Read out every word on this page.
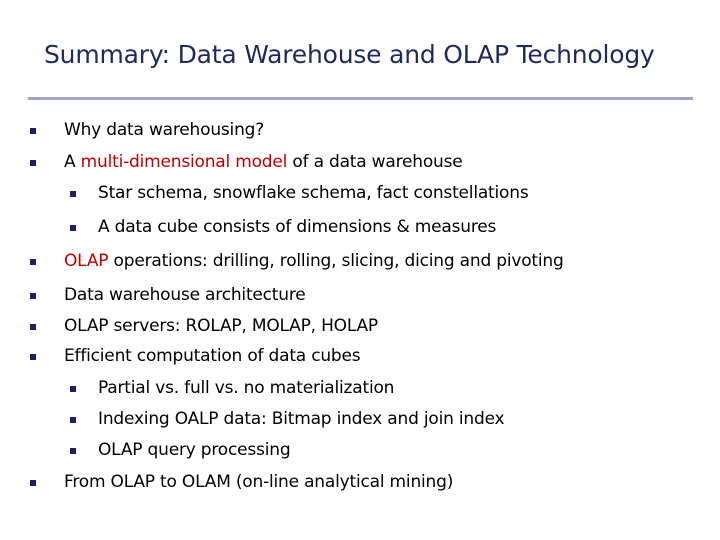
Summary: Data Warehouse and OLAP Technology
Why data warehousing?
A multi-dimensional model of a data warehouse
Star schema, snowflake schema, fact constellations
A data cube consists of dimensions & measures
OLAP operations: drilling, rolling, slicing, dicing and pivoting
Data warehouse architecture
OLAP servers: ROLAP, MOLAP, HOLAP
Efficient computation of data cubes
Partial vs. full vs. no materialization
Indexing OALP data: Bitmap index and join index
OLAP query processing
From OLAP to OLAM (on-line analytical mining)
